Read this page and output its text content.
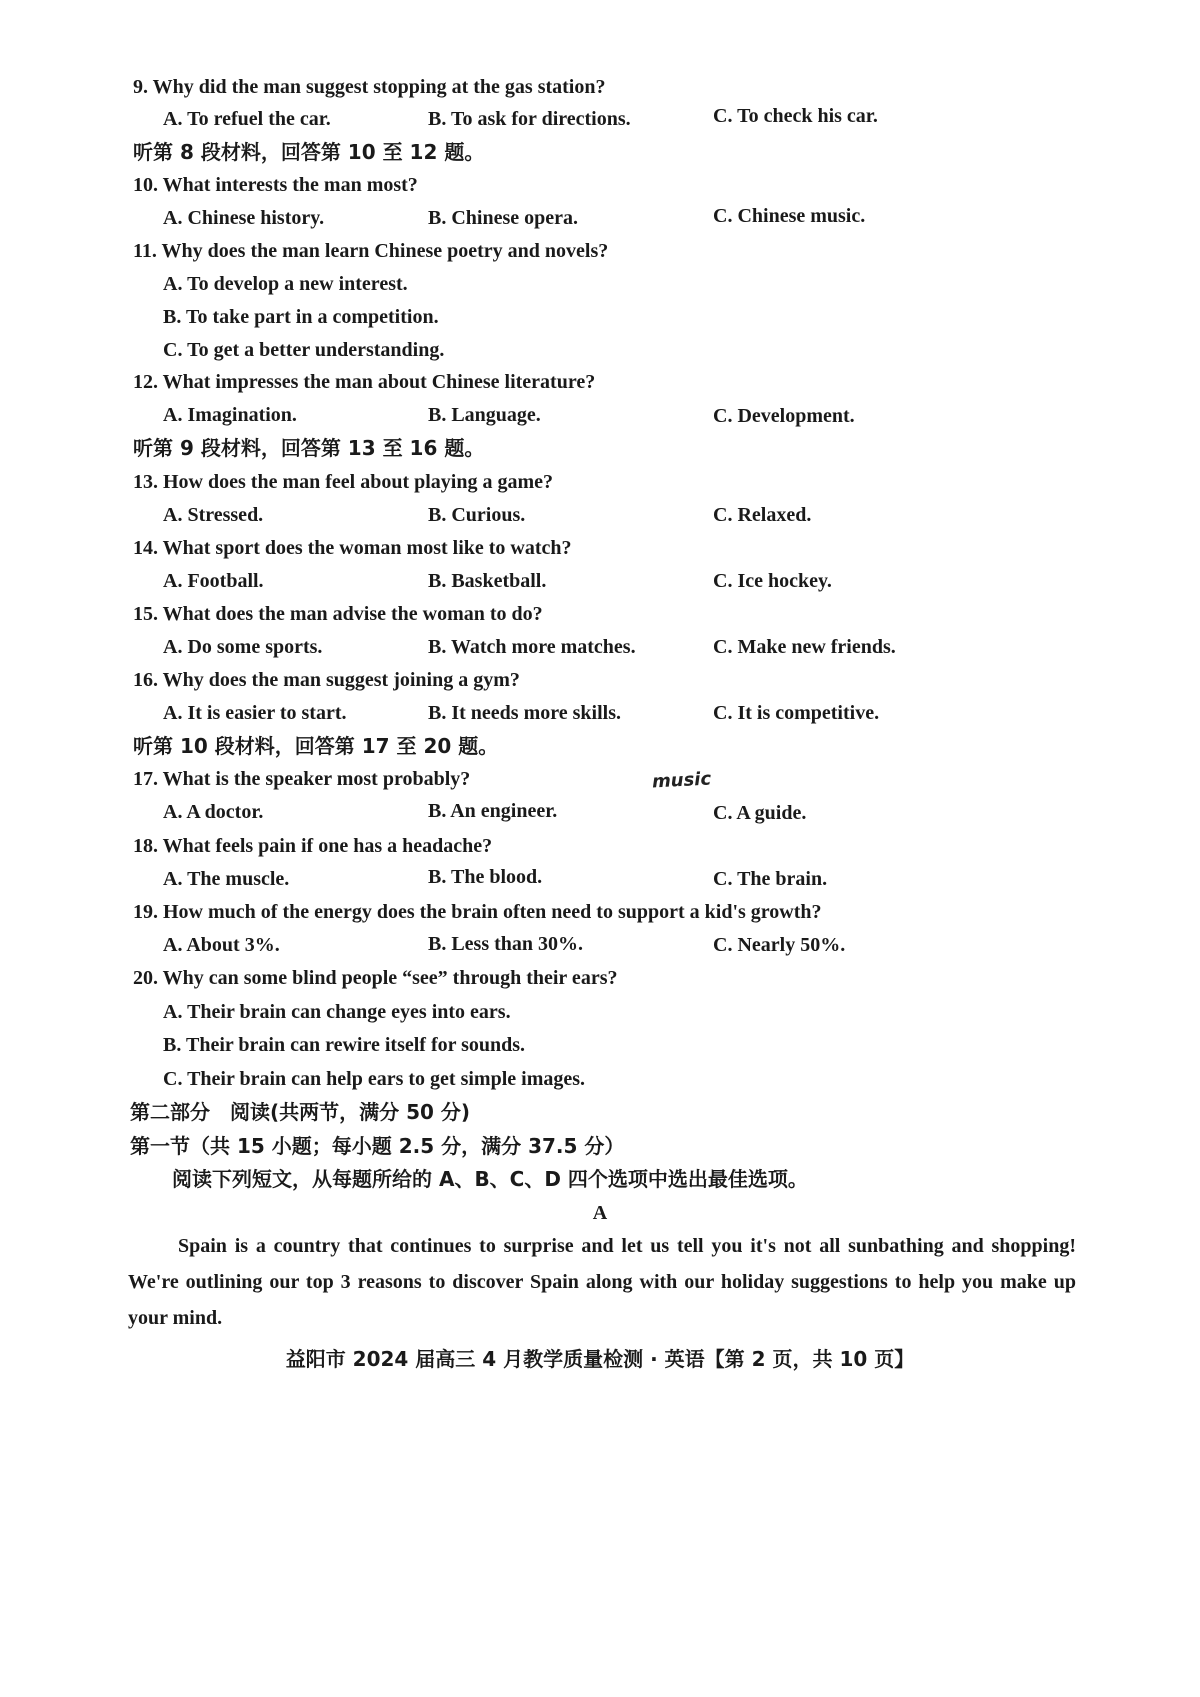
9. Why did the man suggest stopping at the gas station?
A. To refuel the car.	B. To ask for directions.	C. To check his car.
听第 8 段材料，回答第 10 至 12 题。
10. What interests the man most?
A. Chinese history.	B. Chinese opera.	C. Chinese music.
11. Why does the man learn Chinese poetry and novels?
A. To develop a new interest.
B. To take part in a competition.
C. To get a better understanding.
12. What impresses the man about Chinese literature?
A. Imagination.	B. Language.	C. Development.
听第 9 段材料，回答第 13 至 16 题。
13. How does the man feel about playing a game?
A. Stressed.	B. Curious.	C. Relaxed.
14. What sport does the woman most like to watch?
A. Football.	B. Basketball.	C. Ice hockey.
15. What does the man advise the woman to do?
A. Do some sports.	B. Watch more matches.	C. Make new friends.
16. Why does the man suggest joining a gym?
A. It is easier to start.	B. It needs more skills.	C. It is competitive.
听第 10 段材料，回答第 17 至 20 题。
17. What is the speaker most probably?	music
A. A doctor.	B. An engineer.	C. A guide.
18. What feels pain if one has a headache?
A. The muscle.	B. The blood.	C. The brain.
19. How much of the energy does the brain often need to support a kid's growth?
A. About 3%.	B. Less than 30%.	C. Nearly 50%.
20. Why can some blind people “see” through their ears?
A. Their brain can change eyes into ears.
B. Their brain can rewire itself for sounds.
C. Their brain can help ears to get simple images.
第二部分　阅读(共两节，满分 50 分)
第一节（共 15 小题；每小题 2.5 分，满分 37.5 分）
阅读下列短文，从每题所给的 A、B、C、D 四个选项中选出最佳选项。
A
Spain is a country that continues to surprise and let us tell you it's not all sunbathing and shopping! We're outlining our top 3 reasons to discover Spain along with our holiday suggestions to help you make up your mind.
益阳市 2024 届高三 4 月教学质量检测 · 英语【第 2 页，共 10 页】
